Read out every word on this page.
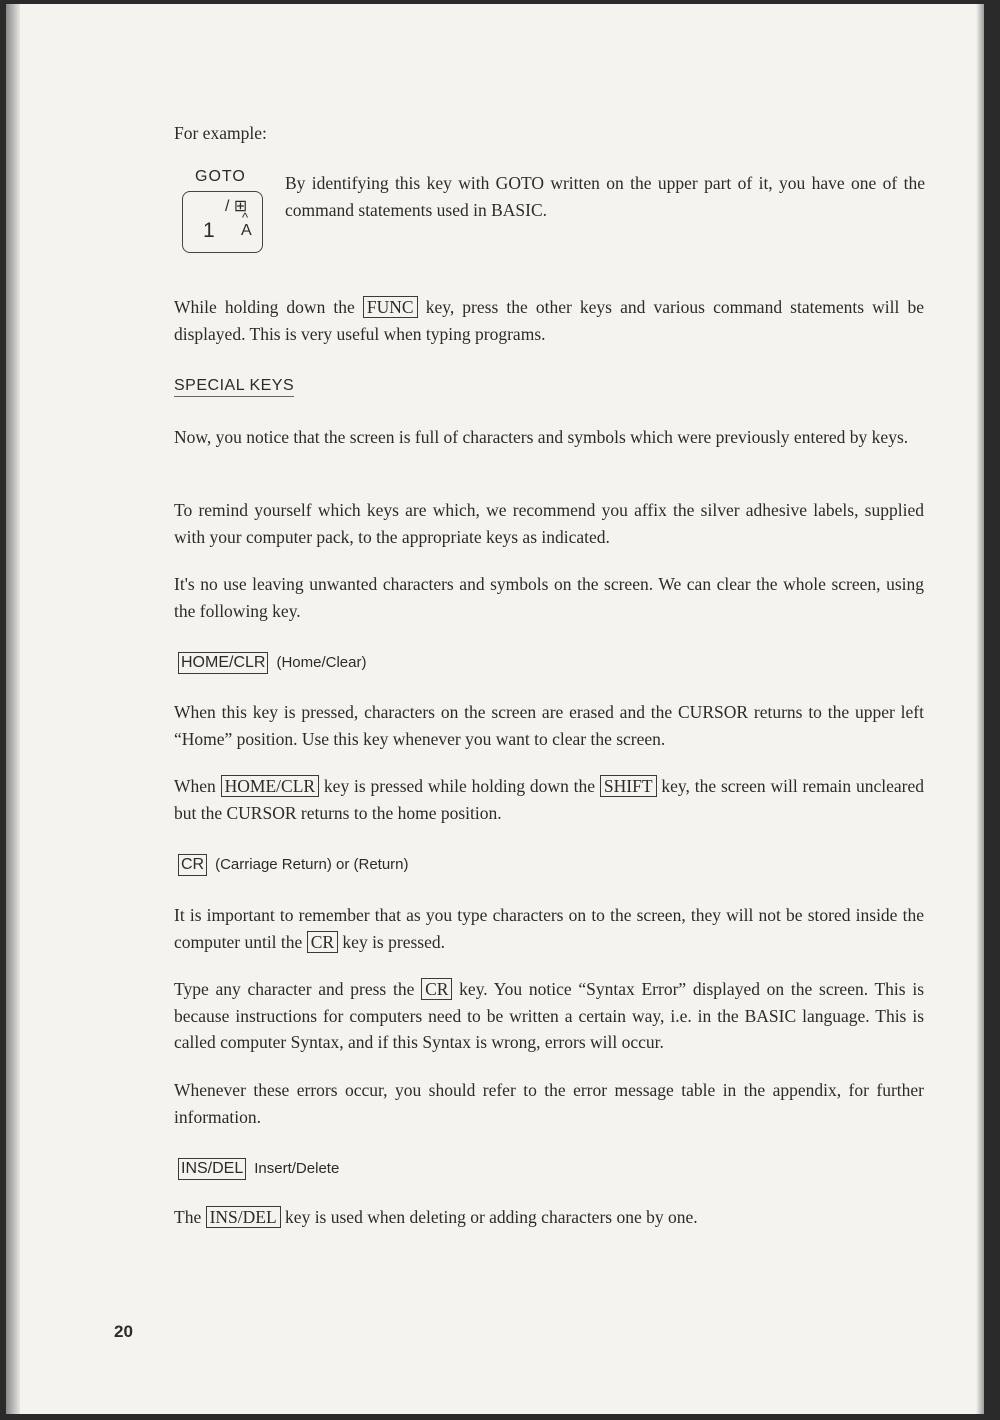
For example:

GOTO
/ ⊞
1
^
A

By identifying this key with GOTO written on the upper part of it, you have one of the command statements used in BASIC.

While holding down the FUNC key, press the other keys and various command statements will be displayed. This is very useful when typing programs.

SPECIAL KEYS

Now, you notice that the screen is full of characters and symbols which were previously entered by keys.

To remind yourself which keys are which, we recommend you affix the silver adhesive labels, supplied with your computer pack, to the appropriate keys as indicated.

It's no use leaving unwanted characters and symbols on the screen. We can clear the whole screen, using the following key.

HOME/CLR (Home/Clear)

When this key is pressed, characters on the screen are erased and the CURSOR returns to the upper left “Home” position. Use this key whenever you want to clear the screen.

When HOME/CLR key is pressed while holding down the SHIFT key, the screen will remain uncleared but the CURSOR returns to the home position.

CR (Carriage Return) or (Return)

It is important to remember that as you type characters on to the screen, they will not be stored inside the computer until the CR key is pressed.

Type any character and press the CR key. You notice “Syntax Error” displayed on the screen. This is because instructions for computers need to be written a certain way, i.e. in the BASIC language. This is called computer Syntax, and if this Syntax is wrong, errors will occur.

Whenever these errors occur, you should refer to the error message table in the appendix, for further information.

INS/DEL Insert/Delete

The INS/DEL key is used when deleting or adding characters one by one.

20
